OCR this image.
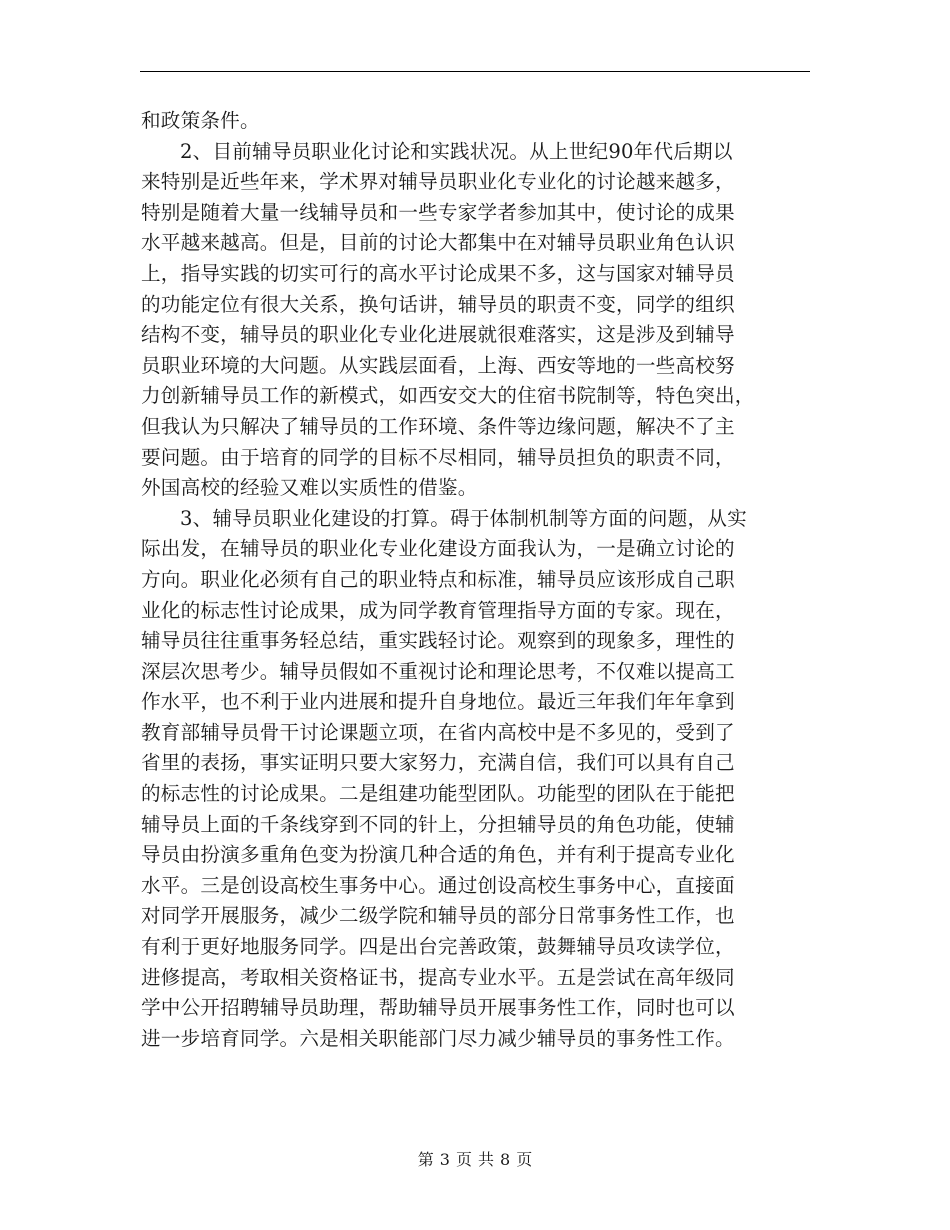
和政策条件。
2、目前辅导员职业化讨论和实践状况。从上世纪90年代后期以
来特别是近些年来，学术界对辅导员职业化专业化的讨论越来越多，
特别是随着大量一线辅导员和一些专家学者参加其中，使讨论的成果
水平越来越高。但是，目前的讨论大都集中在对辅导员职业角色认识
上，指导实践的切实可行的高水平讨论成果不多，这与国家对辅导员
的功能定位有很大关系，换句话讲，辅导员的职责不变，同学的组织
结构不变，辅导员的职业化专业化进展就很难落实，这是涉及到辅导
员职业环境的大问题。从实践层面看，上海、西安等地的一些高校努
力创新辅导员工作的新模式，如西安交大的住宿书院制等，特色突出，
但我认为只解决了辅导员的工作环境、条件等边缘问题，解决不了主
要问题。由于培育的同学的目标不尽相同，辅导员担负的职责不同，
外国高校的经验又难以实质性的借鉴。
3、辅导员职业化建设的打算。碍于体制机制等方面的问题，从实
际出发，在辅导员的职业化专业化建设方面我认为，一是确立讨论的
方向。职业化必须有自己的职业特点和标准，辅导员应该形成自己职
业化的标志性讨论成果，成为同学教育管理指导方面的专家。现在，
辅导员往往重事务轻总结，重实践轻讨论。观察到的现象多，理性的
深层次思考少。辅导员假如不重视讨论和理论思考，不仅难以提高工
作水平，也不利于业内进展和提升自身地位。最近三年我们年年拿到
教育部辅导员骨干讨论课题立项，在省内高校中是不多见的，受到了
省里的表扬，事实证明只要大家努力，充满自信，我们可以具有自己
的标志性的讨论成果。二是组建功能型团队。功能型的团队在于能把
辅导员上面的千条线穿到不同的针上，分担辅导员的角色功能，使辅
导员由扮演多重角色变为扮演几种合适的角色，并有利于提高专业化
水平。三是创设高校生事务中心。通过创设高校生事务中心，直接面
对同学开展服务，减少二级学院和辅导员的部分日常事务性工作，也
有利于更好地服务同学。四是出台完善政策，鼓舞辅导员攻读学位，
进修提高，考取相关资格证书，提高专业水平。五是尝试在高年级同
学中公开招聘辅导员助理，帮助辅导员开展事务性工作，同时也可以
进一步培育同学。六是相关职能部门尽力减少辅导员的事务性工作。
第 3 页 共 8 页
